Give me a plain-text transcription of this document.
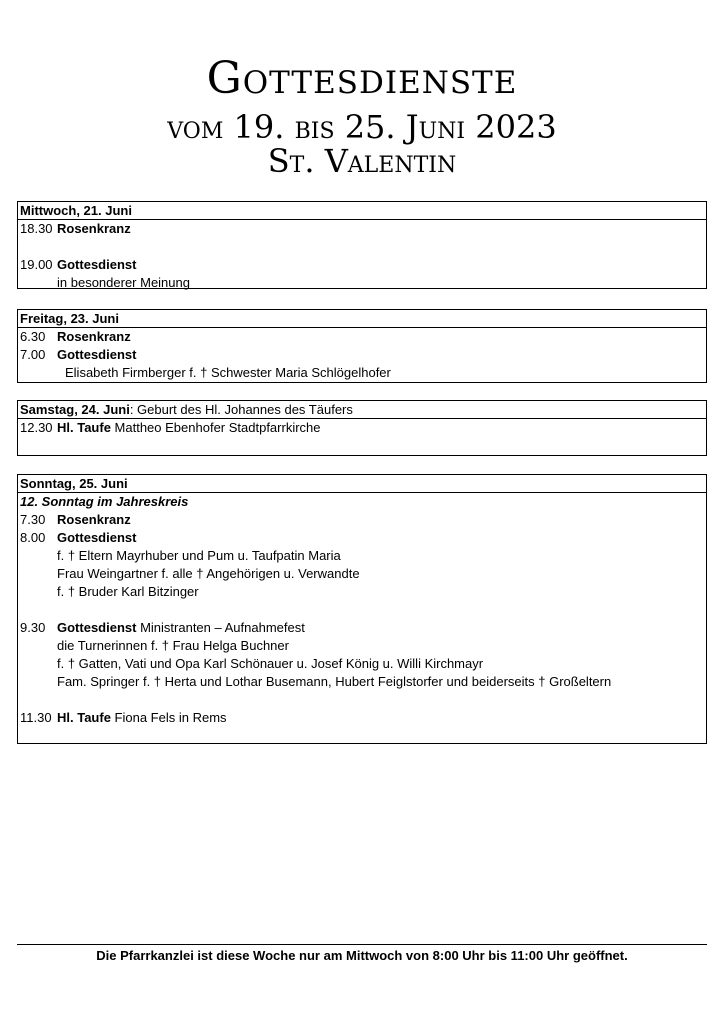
Gottesdienste
vom 19. bis 25. Juni 2023
St. Valentin
Mittwoch, 21. Juni
18.30 Rosenkranz
19.00 Gottesdienst
in besonderer Meinung
Freitag, 23. Juni
6.30 Rosenkranz
7.00 Gottesdienst
Elisabeth Firmberger f. † Schwester Maria Schlögelhofer
Samstag, 24. Juni: Geburt des Hl. Johannes des Täufers
12.30 Hl. Taufe Mattheo Ebenhofer Stadtpfarrkirche
Sonntag, 25. Juni
12. Sonntag im Jahreskreis
7.30 Rosenkranz
8.00 Gottesdienst
f. † Eltern Mayrhuber und Pum u. Taufpatin Maria
Frau Weingartner f. alle † Angehörigen u. Verwandte
f. † Bruder Karl Bitzinger
9.30 Gottesdienst Ministranten – Aufnahmefest
die Turnerinnen f. † Frau Helga Buchner
f. † Gatten, Vati und Opa Karl Schönauer u. Josef König u. Willi Kirchmayr
Fam. Springer f. † Herta und Lothar Busemann, Hubert Feiglstorfer und beiderseits † Großeltern
11.30 Hl. Taufe Fiona Fels in Rems
Die Pfarrkanzlei ist diese Woche nur am Mittwoch von 8:00 Uhr bis 11:00 Uhr geöffnet.
